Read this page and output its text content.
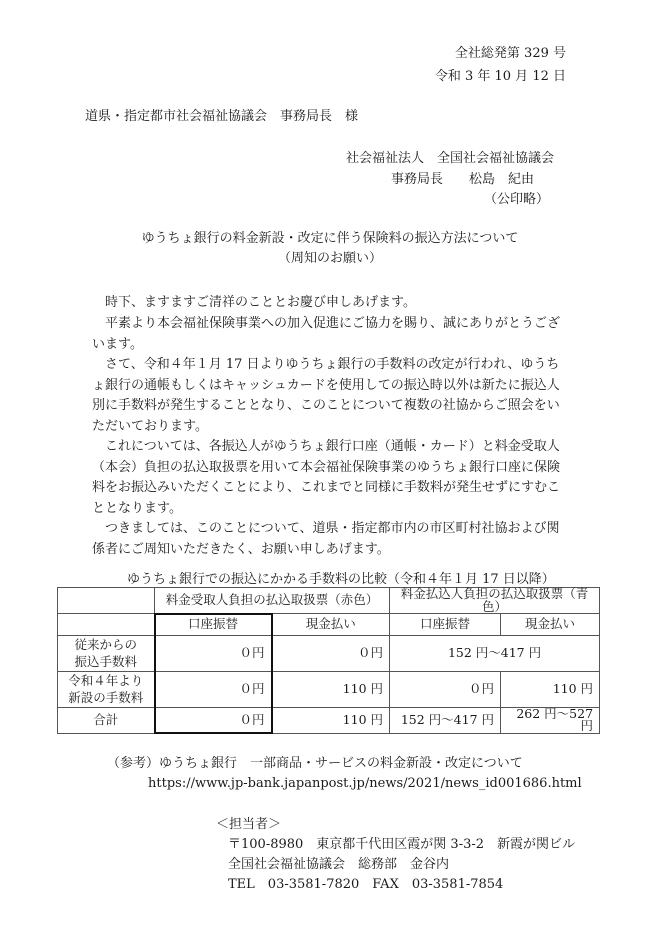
全社総発第 329 号
令和 3 年 10 月 12 日
道県・指定都市社会福祉協議会　事務局長　様
社会福祉法人　全国社会福祉協議会
事務局長　　松島　紀由
（公印略）
ゆうちょ銀行の料金新設・改定に伴う保険料の振込方法について
（周知のお願い）
時下、ますますご清祥のこととお慶び申しあげます。
平素より本会福祉保険事業への加入促進にご協力を賜り、誠にありがとうございます。
さて、令和４年１月 17 日よりゆうちょ銀行の手数料の改定が行われ、ゆうちょ銀行の通帳もしくはキャッシュカードを使用しての振込時以外は新たに振込人別に手数料が発生することとなり、このことについて複数の社協からご照会をいただいております。
これについては、各振込人がゆうちょ銀行口座（通帳・カード）と料金受取人（本会）負担の払込取扱票を用いて本会福祉保険事業のゆうちょ銀行口座に保険料をお振込みいただくことにより、これまでと同様に手数料が発生せずにすむこととなります。
つきましては、このことについて、道県・指定都市内の市区町村社協および関係者にご周知いただきたく、お願い申しあげます。
ゆうちょ銀行での振込にかかる手数料の比較（令和４年１月 17 日以降）
	料金受取人負担の払込取扱票（赤色）		料金払込人負担の払込取扱票（青色）	
	口座振替	現金払い	口座振替	現金払い
従来からの
振込手数料	０円	０円	152 円～417 円	
令和４年より
新設の手数料	０円	110 円	０円	110 円
合計	０円	110 円	152 円～417 円	262 円～527 円
（参考）ゆうちょ銀行　一部商品・サービスの料金新設・改定について
https://www.jp-bank.japanpost.jp/news/2021/news_id001686.html
＜担当者＞
〒100-8980　東京都千代田区霞が関 3-3-2　新霞が関ビル
全国社会福祉協議会　総務部　金谷内
TEL　03-3581-7820　FAX　03-3581-7854
